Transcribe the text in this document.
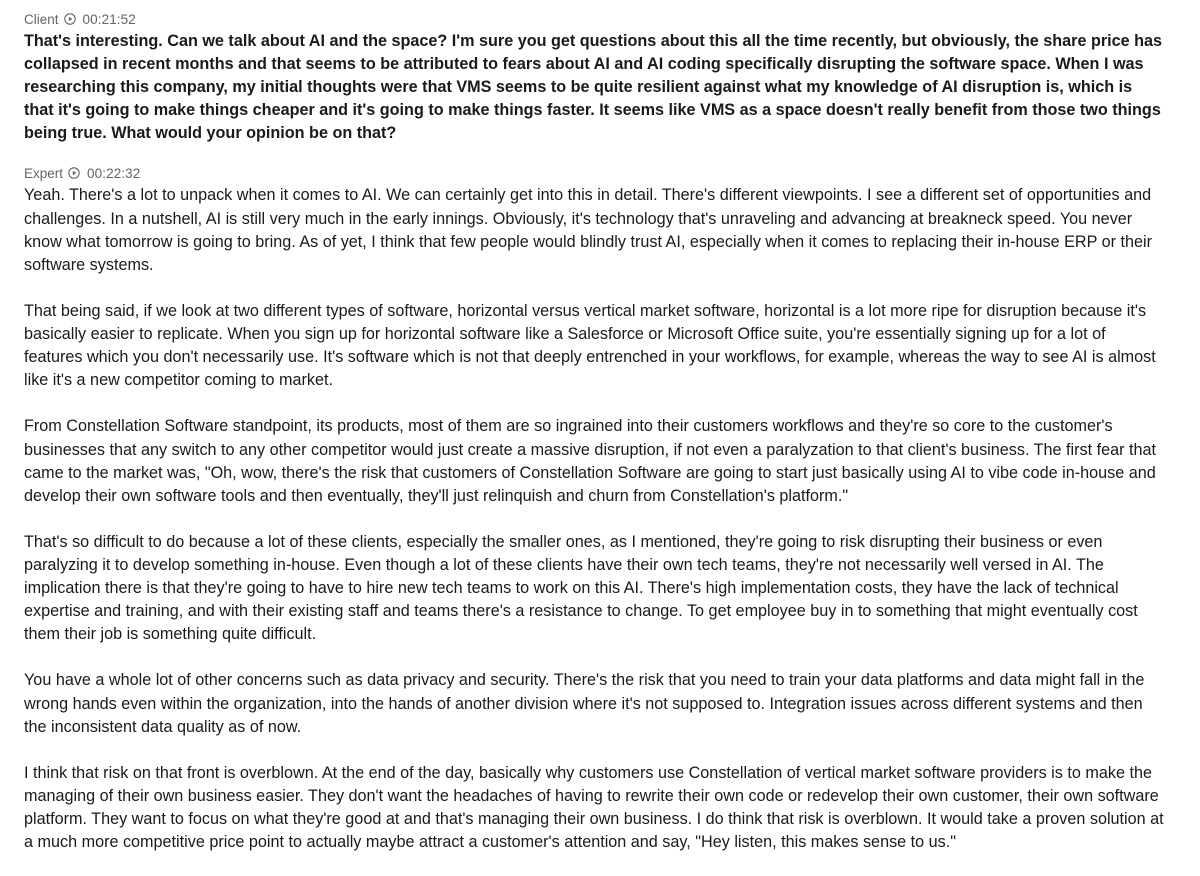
Client 00:21:52

That's interesting. Can we talk about AI and the space? I'm sure you get questions about this all the time recently, but obviously, the share price has collapsed in recent months and that seems to be attributed to fears about AI and AI coding specifically disrupting the software space. When I was researching this company, my initial thoughts were that VMS seems to be quite resilient against what my knowledge of AI disruption is, which is that it's going to make things cheaper and it's going to make things faster. It seems like VMS as a space doesn't really benefit from those two things being true. What would your opinion be on that?

Expert 00:22:32

Yeah. There's a lot to unpack when it comes to AI. We can certainly get into this in detail. There's different viewpoints. I see a different set of opportunities and challenges. In a nutshell, AI is still very much in the early innings. Obviously, it's technology that's unraveling and advancing at breakneck speed. You never know what tomorrow is going to bring. As of yet, I think that few people would blindly trust AI, especially when it comes to replacing their in-house ERP or their software systems.

That being said, if we look at two different types of software, horizontal versus vertical market software, horizontal is a lot more ripe for disruption because it's basically easier to replicate. When you sign up for horizontal software like a Salesforce or Microsoft Office suite, you're essentially signing up for a lot of features which you don't necessarily use. It's software which is not that deeply entrenched in your workflows, for example, whereas the way to see AI is almost like it's a new competitor coming to market.

From Constellation Software standpoint, its products, most of them are so ingrained into their customers workflows and they're so core to the customer's businesses that any switch to any other competitor would just create a massive disruption, if not even a paralyzation to that client's business. The first fear that came to the market was, "Oh, wow, there's the risk that customers of Constellation Software are going to start just basically using AI to vibe code in-house and develop their own software tools and then eventually, they'll just relinquish and churn from Constellation's platform."

That's so difficult to do because a lot of these clients, especially the smaller ones, as I mentioned, they're going to risk disrupting their business or even paralyzing it to develop something in-house. Even though a lot of these clients have their own tech teams, they're not necessarily well versed in AI. The implication there is that they're going to have to hire new tech teams to work on this AI. There's high implementation costs, they have the lack of technical expertise and training, and with their existing staff and teams there's a resistance to change. To get employee buy in to something that might eventually cost them their job is something quite difficult.

You have a whole lot of other concerns such as data privacy and security. There's the risk that you need to train your data platforms and data might fall in the wrong hands even within the organization, into the hands of another division where it's not supposed to. Integration issues across different systems and then the inconsistent data quality as of now.

I think that risk on that front is overblown. At the end of the day, basically why customers use Constellation of vertical market software providers is to make the managing of their own business easier. They don't want the headaches of having to rewrite their own code or redevelop their own customer, their own software platform. They want to focus on what they're good at and that's managing their own business. I do think that risk is overblown. It would take a proven solution at a much more competitive price point to actually maybe attract a customer's attention and say, "Hey listen, this makes sense to us."
